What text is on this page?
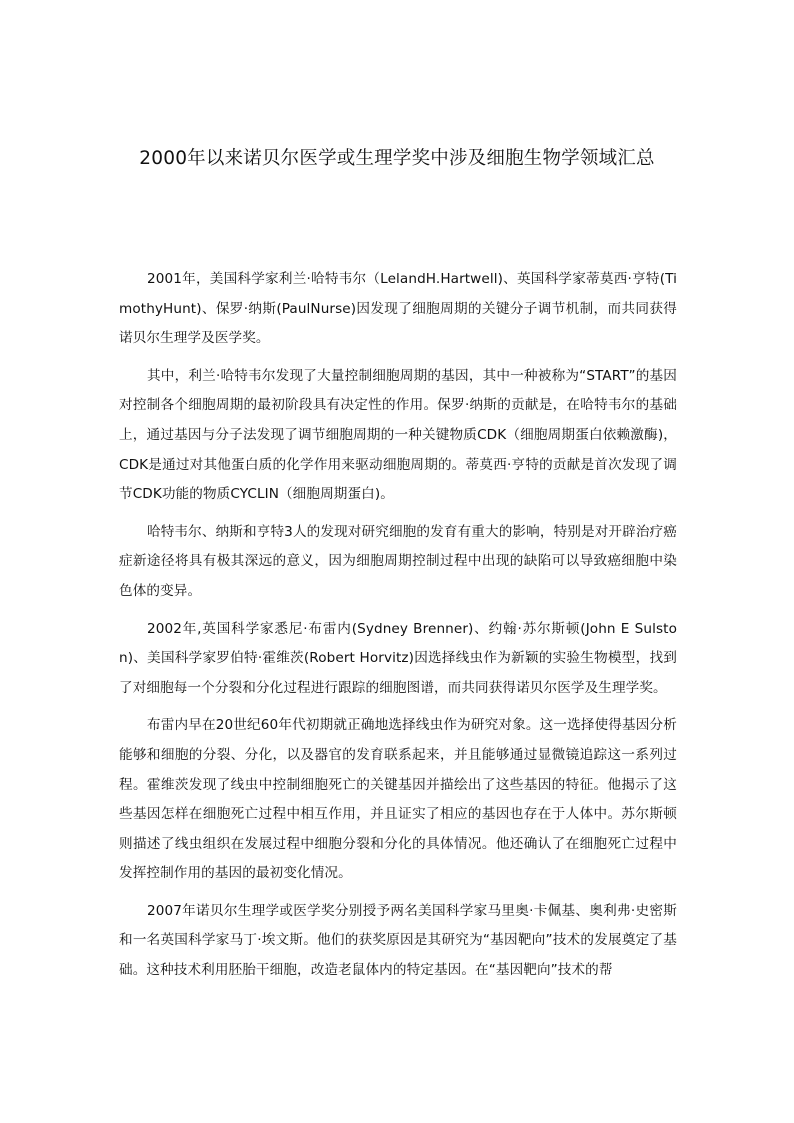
2000年以来诺贝尔医学或生理学奖中涉及细胞生物学领域汇总

2001年，美国科学家利兰·哈特韦尔（LelandH.Hartwell)、英国科学家蒂莫西·亨特(TimothyHunt)、保罗·纳斯(PaulNurse)因发现了细胞周期的关键分子调节机制，而共同获得诺贝尔生理学及医学奖。

其中，利兰·哈特韦尔发现了大量控制细胞周期的基因，其中一种被称为“START”的基因对控制各个细胞周期的最初阶段具有决定性的作用。保罗·纳斯的贡献是，在哈特韦尔的基础上，通过基因与分子法发现了调节细胞周期的一种关键物质CDK（细胞周期蛋白依赖激酶)，CDK是通过对其他蛋白质的化学作用来驱动细胞周期的。蒂莫西·亨特的贡献是首次发现了调节CDK功能的物质CYCLIN（细胞周期蛋白)。

哈特韦尔、纳斯和亨特3人的发现对研究细胞的发育有重大的影响，特别是对开辟治疗癌症新途径将具有极其深远的意义，因为细胞周期控制过程中出现的缺陷可以导致癌细胞中染色体的变异。

2002年,英国科学家悉尼·布雷内(Sydney Brenner)、约翰·苏尔斯顿(John E Sulston)、美国科学家罗伯特·霍维茨(Robert Horvitz)因选择线虫作为新颖的实验生物模型，找到了对细胞每一个分裂和分化过程进行跟踪的细胞图谱，而共同获得诺贝尔医学及生理学奖。

布雷内早在20世纪60年代初期就正确地选择线虫作为研究对象。这一选择使得基因分析能够和细胞的分裂、分化，以及器官的发育联系起来，并且能够通过显微镜追踪这一系列过程。霍维茨发现了线虫中控制细胞死亡的关键基因并描绘出了这些基因的特征。他揭示了这些基因怎样在细胞死亡过程中相互作用，并且证实了相应的基因也存在于人体中。苏尔斯顿则描述了线虫组织在发展过程中细胞分裂和分化的具体情况。他还确认了在细胞死亡过程中发挥控制作用的基因的最初变化情况。

2007年诺贝尔生理学或医学奖分别授予两名美国科学家马里奥·卡佩基、奥利弗·史密斯和一名英国科学家马丁·埃文斯。他们的获奖原因是其研究为“基因靶向”技术的发展奠定了基础。这种技术利用胚胎干细胞，改造老鼠体内的特定基因。在“基因靶向”技术的帮
